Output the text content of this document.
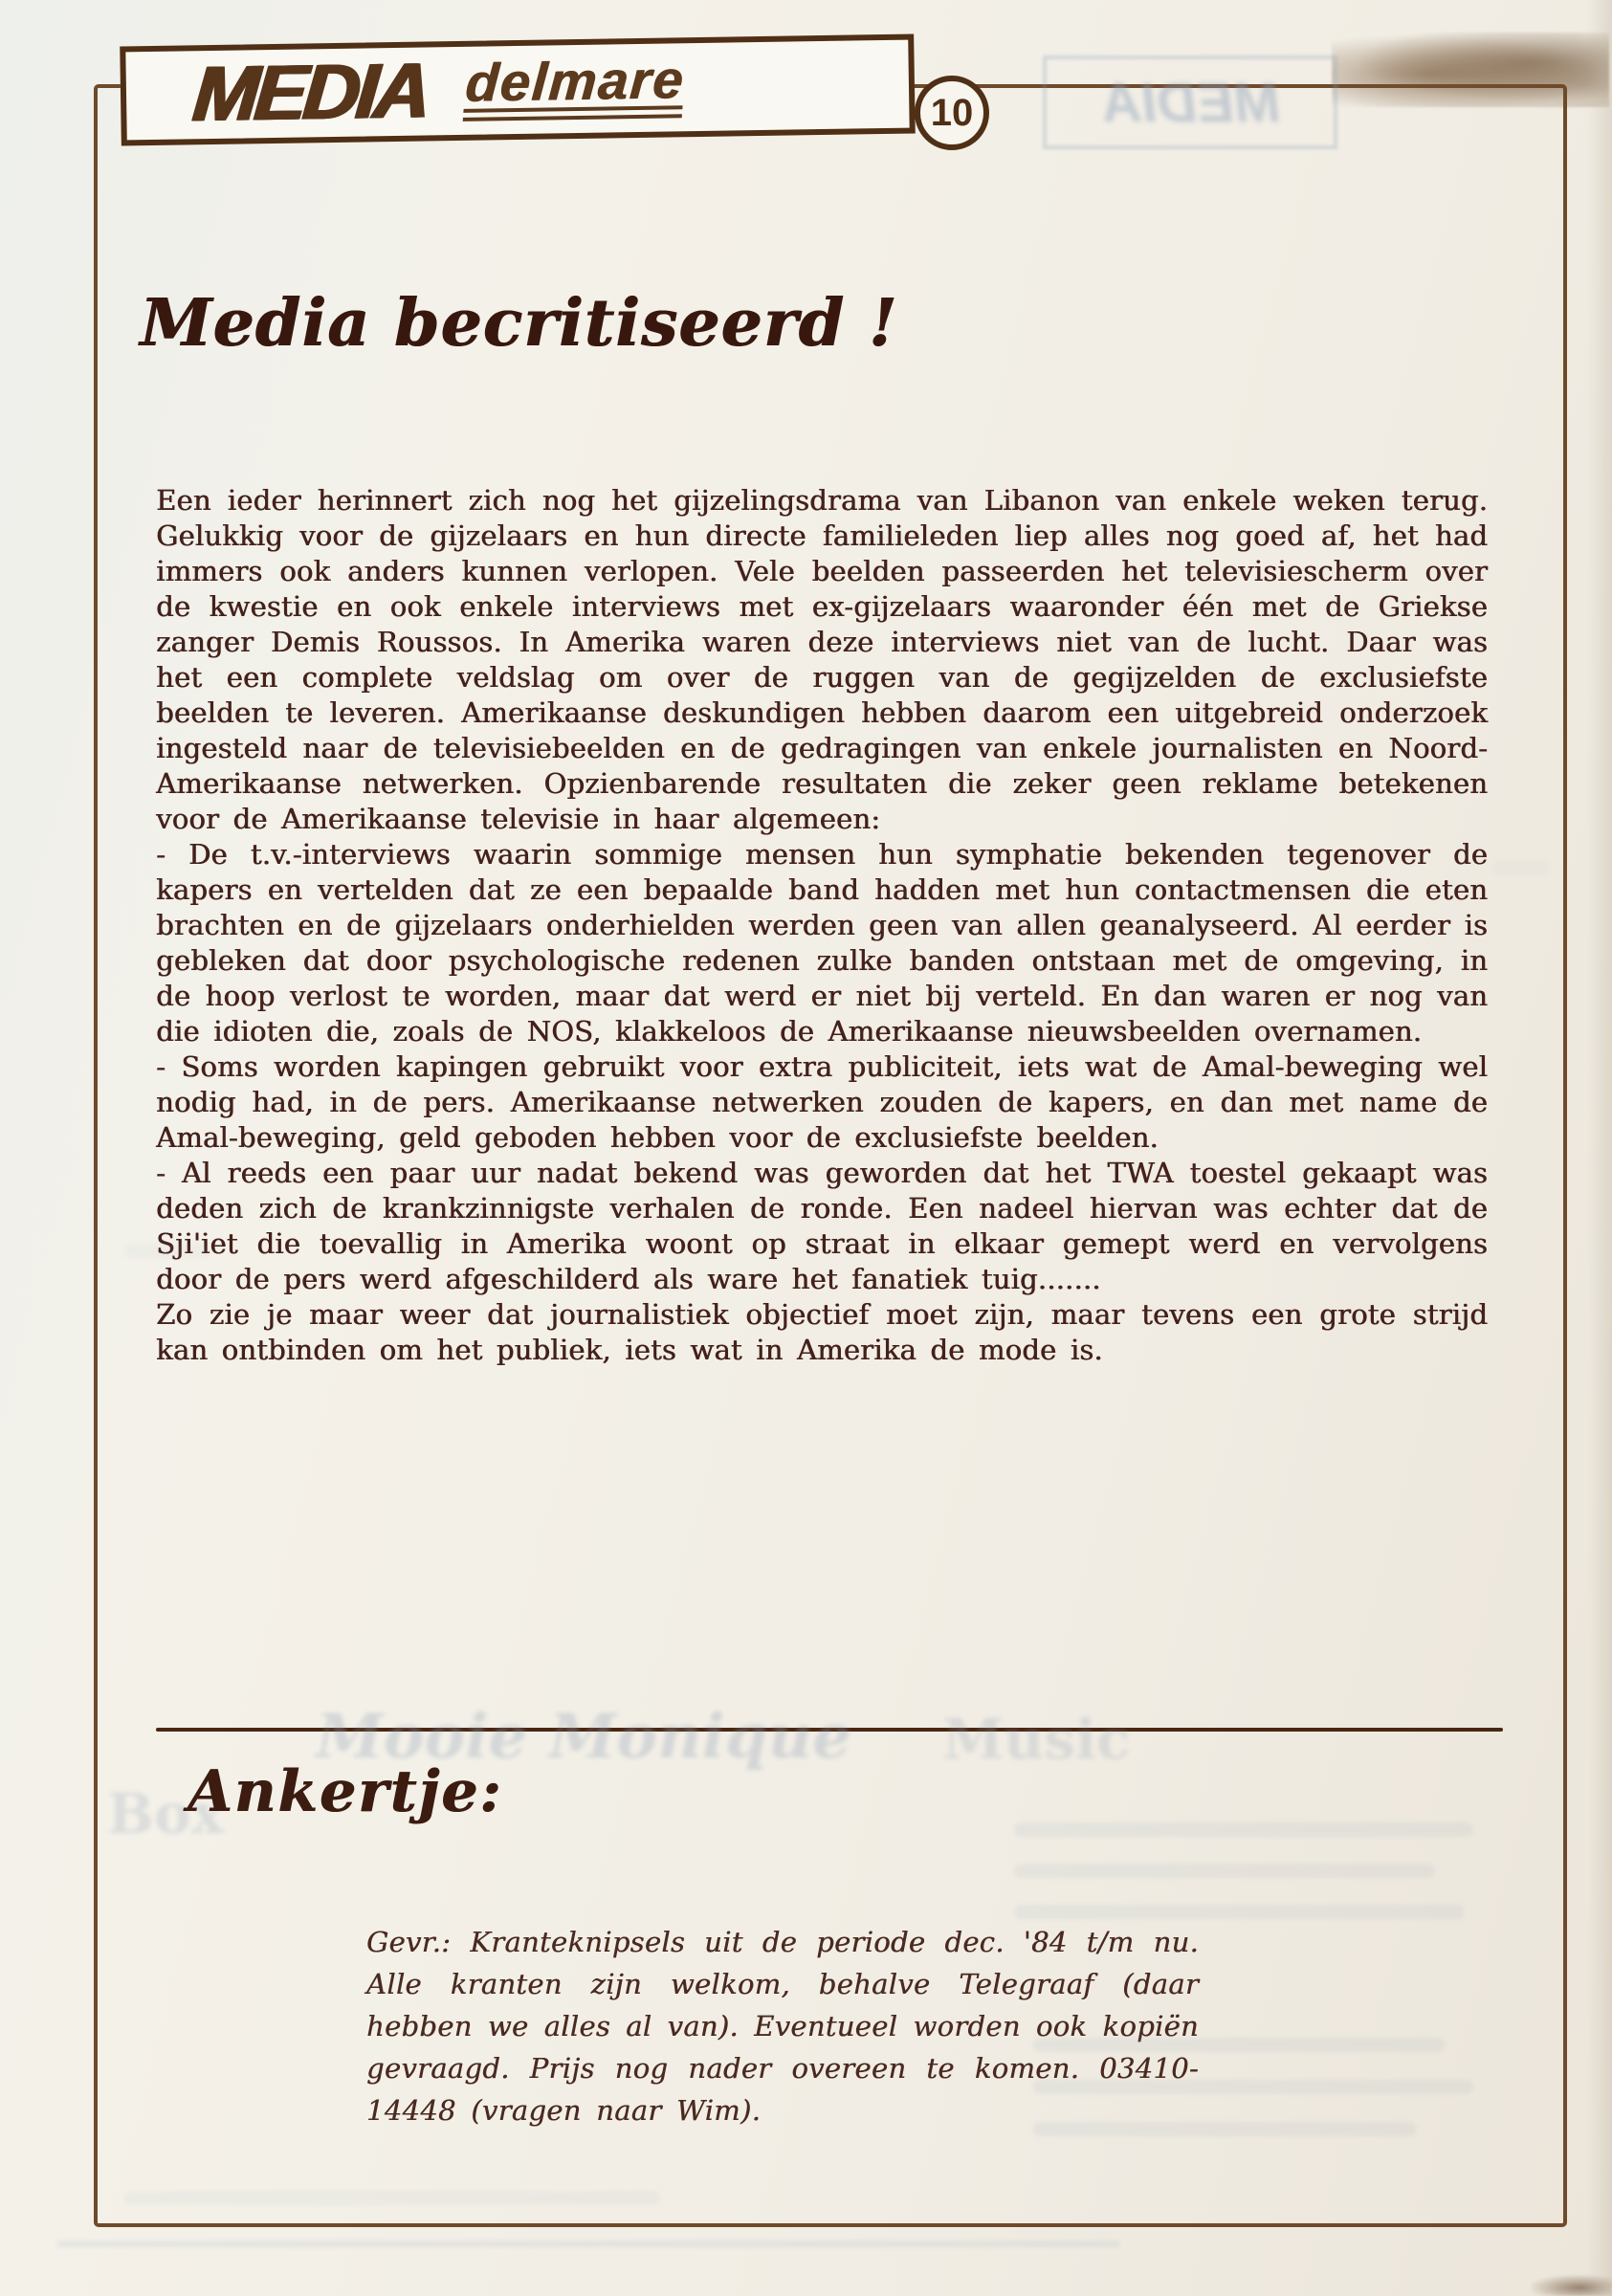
MEDIA delmare	10 MEDIA
Media becritiseerd !

Een ieder herinnert zich nog het gijzelingsdrama van Libanon van enkele weken terug. Gelukkig voor de gijzelaars en hun directe familieleden liep alles nog goed af, het had immers ook anders kunnen verlopen. Vele beelden passeerden het televisiescherm over de kwestie en ook enkele interviews met ex-gijzelaars waaronder één met de Griekse zanger Demis Roussos. In Amerika waren deze interviews niet van de lucht. Daar was het een complete veldslag om over de ruggen van de gegijzelden de exclusiefste beelden te leveren. Amerikaanse deskundigen hebben daarom een uitgebreid onderzoek ingesteld naar de televisiebeelden en de gedragingen van enkele journalisten en Noord-Amerikaanse netwerken. Opzienbarende resultaten die zeker geen reklame betekenen voor de Amerikaanse televisie in haar algemeen:

- De t.v.-interviews waarin sommige mensen hun symphatie bekenden tegenover de kapers en vertelden dat ze een bepaalde band hadden met hun contactmensen die eten brachten en de gijzelaars onderhielden werden geen van allen geanalyseerd. Al eerder is gebleken dat door psychologische redenen zulke banden ontstaan met de omgeving, in de hoop verlost te worden, maar dat werd er niet bij verteld. En dan waren er nog van die idioten die, zoals de NOS, klakkeloos de Amerikaanse nieuwsbeelden overnamen.

- Soms worden kapingen gebruikt voor extra publiciteit, iets wat de Amal-beweging wel nodig had, in de pers. Amerikaanse netwerken zouden de kapers, en dan met name de Amal-beweging, geld geboden hebben voor de exclusiefste beelden.

- Al reeds een paar uur nadat bekend was geworden dat het TWA toestel gekaapt was deden zich de krankzinnigste verhalen de ronde. Een nadeel hiervan was echter dat de Sji'iet die toevallig in Amerika woont op straat in elkaar gemept werd en vervolgens door de pers werd afgeschilderd als ware het fanatiek tuig.......

Zo zie je maar weer dat journalistiek objectief moet zijn, maar tevens een grote strijd kan ontbinden om het publiek, iets wat in Amerika de mode is.

Mooie Monique Music
Box
Ankertje:
Gevr.: Kranteknipsels uit de periode dec. '84 t/m nu. Alle kranten zijn welkom, behalve Telegraaf (daar hebben we alles al van). Eventueel worden ook kopiën gevraagd. Prijs nog nader overeen te komen. 03410-14448 (vragen naar Wim).
